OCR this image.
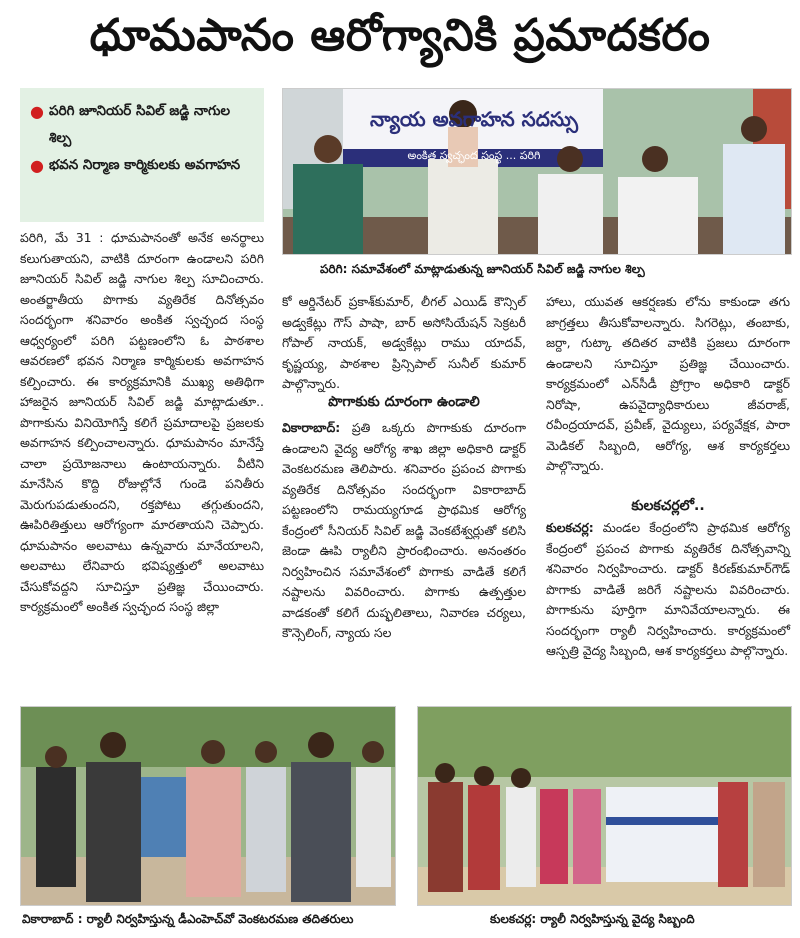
ధూమపానం ఆరోగ్యానికి ప్రమాదకరం
● పరిగి జూనియర్ సివిల్ జడ్జి నాగుల శిల్ప
● భవన నిర్మాణ కార్మికులకు అవగాహన
న్యాయ అవగాహన సదస్సు
అంకిత స్వచ్ఛంద సంస్థ ... పరిగి
పరిగి: సమావేశంలో మాట్లాడుతున్న జూనియర్ సివిల్ జడ్జి నాగుల శిల్ప

పరిగి, మే 31 : ధూమపానంతో అనేక అనర్థాలు కలుగుతాయని, వాటికి దూరంగా ఉండాలని పరిగి జూనియర్ సివిల్ జడ్జి నాగుల శిల్ప సూచించారు. అంతర్జాతీయ పొగాకు వ్యతిరేక దినోత్సవం సందర్భంగా శనివారం అంకిత స్వచ్ఛంద సంస్థ ఆధ్వర్యంలో పరిగి పట్టణంలోని ఓ పాఠశాల ఆవరణలో భవన నిర్మాణ కార్మికులకు అవగాహన కల్పించారు. ఈ కార్యక్రమానికి ముఖ్య అతిథిగా హాజరైన జూనియర్ సివిల్ జడ్జి మాట్లాడుతూ.. పొగాకును వినియోగిస్తే కలిగే ప్రమాదాలపై ప్రజలకు అవగాహన కల్పించాలన్నారు. ధూమపానం మానేస్తే చాలా ప్రయోజనాలు ఉంటాయన్నారు. వీటిని మానేసిన కొద్ది రోజుల్లోనే గుండె పనితీరు మెరుగుపడుతుందని, రక్తపోటు తగ్గుతుందని, ఊపిరితిత్తులు ఆరోగ్యంగా మారతాయని చెప్పారు. ధూమపానం అలవాటు ఉన్నవారు మానేయాలని, అలవాటు లేనివారు భవిష్యత్తులో అలవాటు చేసుకోవద్దని సూచిస్తూ ప్రతిజ్ఞ చేయించారు. కార్యక్రమంలో అంకిత స్వచ్ఛంద సంస్థ జిల్లా

కో ఆర్డినేటర్ ప్రకాశ్‌కుమార్, లీగల్ ఎయిడ్ కౌన్సిల్ అడ్వకేట్లు గౌస్ పాషా, బార్ అసోసియేషన్ సెక్రటరీ గోపాల్ నాయక్, అడ్వకేట్లు రాము యాదవ్, కృష్ణయ్య, పాఠశాల ప్రిన్సిపాల్ సునీల్ కుమార్ పాల్గొన్నారు.

పొగాకుకు దూరంగా ఉండాలి

వికారాబాద్: ప్రతి ఒక్కరు పొగాకుకు దూరంగా ఉండాలని వైద్య ఆరోగ్య శాఖ జిల్లా అధికారి డాక్టర్ వెంకటరమణ తెలిపారు. శనివారం ప్రపంచ పొగాకు వ్యతిరేక దినోత్సవం సందర్భంగా వికారాబాద్ పట్టణంలోని రామయ్యగూడ ప్రాథమిక ఆరోగ్య కేంద్రంలో సీనియర్ సివిల్ జడ్జి వెంకటేశ్వర్లుతో కలిసి జెండా ఊపి ర్యాలీని ప్రారంభించారు. అనంతరం నిర్వహించిన సమావేశంలో పొగాకు వాడితే కలిగే నష్టాలను వివరించారు. పొగాకు ఉత్పత్తుల వాడకంతో కలిగే దుష్ఫలితాలు, నివారణ చర్యలు, కౌన్సెలింగ్, న్యాయ సల

హాలు, యువత ఆకర్షణకు లోను కాకుండా తగు జాగ్రత్తలు తీసుకోవాలన్నారు. సిగరెట్లు, తంబాకు, జర్దా, గుట్కా తదితర వాటికి ప్రజలు దూరంగా ఉండాలని సూచిస్తూ ప్రతిజ్ఞ చేయించారు. కార్యక్రమంలో ఎన్‌సీడీ ప్రోగ్రాం అధికారి డాక్టర్ నిరోషా, ఉపవైద్యాధికారులు జీవరాజ్, రవీంద్రయాదవ్, ప్రవీణ్, వైద్యులు, పర్యవేక్షక, పారా మెడికల్ సిబ్బంది, ఆరోగ్య, ఆశ కార్యకర్తలు పాల్గొన్నారు.

కులకచర్లలో..

కులకచర్ల: మండల కేంద్రంలోని ప్రాథమిక ఆరోగ్య కేంద్రంలో ప్రపంచ పొగాకు వ్యతిరేక దినోత్సవాన్ని శనివారం నిర్వహించారు. డాక్టర్ కిరణ్‌కుమార్‌గౌడ్ పొగాకు వాడితే జరిగే నష్టాలను వివరించారు. పొగాకును పూర్తిగా మానివేయాలన్నారు. ఈ సందర్భంగా ర్యాలీ నిర్వహించారు. కార్యక్రమంలో ఆస్పత్రి వైద్య సిబ్బంది, ఆశ కార్యకర్తలు పాల్గొన్నారు.

వికారాబాద్ : ర్యాలీ నిర్వహిస్తున్న డీఎంహెచ్‌వో వెంకటరమణ తదితరులు	కులకచర్ల: ర్యాలీ నిర్వహిస్తున్న వైద్య సిబ్బంది
